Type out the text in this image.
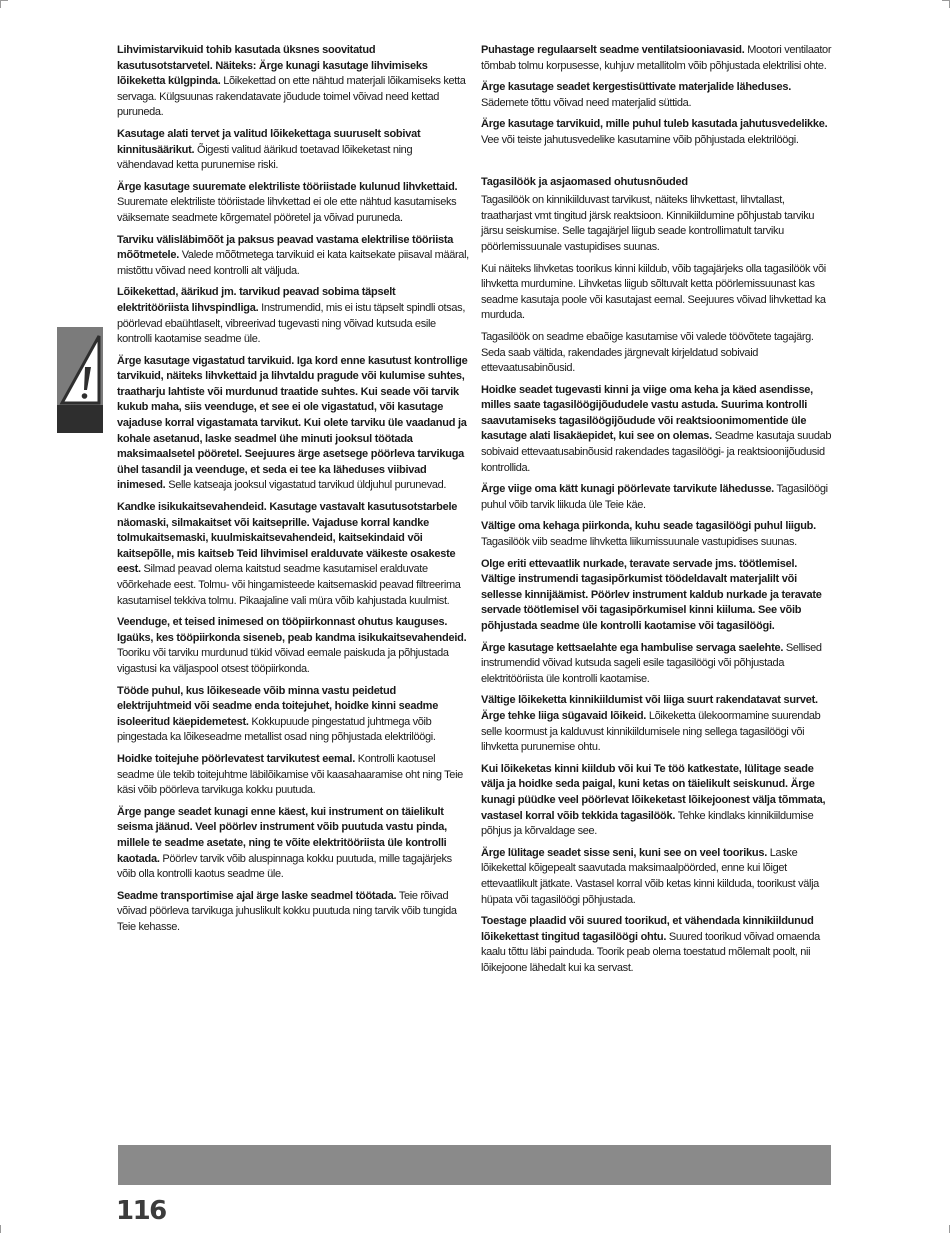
Lihvimistarvikuid tohib kasutada üksnes soovitatud kasutusotstarvetel. Näiteks: Ärge kunagi kasutage lihvimiseks lõikeketta külgpinda. Lõikekettad on ette nähtud materjali lõikamiseks ketta servaga. Külgsuunas rakendatavate jõudude toimel võivad need kettad puruneda.

Kasutage alati tervet ja valitud lõikekettaga suuruselt sobivat kinnitusäärikut. Õigesti valitud äärikud toetavad lõikeketast ning vähendavad ketta purunemise riski.

Ärge kasutage suuremate elektriliste tööriistade kulunud lihvkettaid. Suuremate elektriliste tööriistade lihvkettad ei ole ette nähtud kasutamiseks väiksemate seadmete kõrgematel pööretel ja võivad puruneda.

Tarviku välisläbimõõt ja paksus peavad vastama elektrilise tööriista mõõtmetele. Valede mõõtmetega tarvikuid ei kata kaitsekate piisaval määral, mistõttu võivad need kontrolli alt väljuda.

Lõikekettad, äärikud jm. tarvikud peavad sobima täpselt elektritööriista lihvspindliga. Instrumendid, mis ei istu täpselt spindli otsas, pöörlevad ebaühtlaselt, vibreerivad tugevasti ning võivad kutsuda esile kontrolli kaotamise seadme üle.

Ärge kasutage vigastatud tarvikuid. Iga kord enne kasutust kontrollige tarvikuid, näiteks lihvkettaid ja lihvtaldu pragude või kulumise suhtes, traatharju lahtiste või murdunud traatide suhtes. Kui seade või tarvik kukub maha, siis veenduge, et see ei ole vigastatud, või kasutage vajaduse korral vigastamata tarvikut. Kui olete tarviku üle vaadanud ja kohale asetanud, laske seadmel ühe minuti jooksul töötada maksimaalsetel pööretel. Seejuures ärge asetsege pöörleva tarvikuga ühel tasandil ja veenduge, et seda ei tee ka läheduses viibivad inimesed. Selle katseaja jooksul vigastatud tarvikud üldjuhul purunevad.

Kandke isikukaitsevahendeid. Kasutage vastavalt kasutusotstarbele näomaski, silmakaitset või kaitseprille. Vajaduse korral kandke tolmukaitsemaski, kuulmiskaitsevahendeid, kaitsekindaid või kaitsepõlle, mis kaitseb Teid lihvimisel eralduvate väikeste osakeste eest. Silmad peavad olema kaitstud seadme kasutamisel eralduvate võõrkehade eest. Tolmu- või hingamisteede kaitsemaskid peavad filtreerima kasutamisel tekkiva tolmu. Pikaajaline vali müra võib kahjustada kuulmist.

Veenduge, et teised inimesed on tööpiirkonnast ohutus kauguses. Igaüks, kes tööpiirkonda siseneb, peab kandma isikukaitsevahendeid. Tooriku või tarviku murdunud tükid võivad eemale paiskuda ja põhjustada vigastusi ka väljaspool otsest tööpiirkonda.

Tööde puhul, kus lõikeseade võib minna vastu peidetud elektrijuhtmeid või seadme enda toitejuhet, hoidke kinni seadme isoleeritud käepidemetest. Kokkupuude pingestatud juhtmega võib pingestada ka lõikeseadme metallist osad ning põhjustada elektrilöögi.

Hoidke toitejuhe pöörlevatest tarvikutest eemal. Kontrolli kaotusel seadme üle tekib toitejuhtme läbilõikamise või kaasahaaramise oht ning Teie käsi võib pöörleva tarvikuga kokku puutuda.

Ärge pange seadet kunagi enne käest, kui instrument on täielikult seisma jäänud. Veel pöörlev instrument võib puutuda vastu pinda, millele te seadme asetate, ning te võite elektritööriista üle kontrolli kaotada. Pöörlev tarvik võib aluspinnaga kokku puutuda, mille tagajärjeks võib olla kontrolli kaotus seadme üle.

Seadme transportimise ajal ärge laske seadmel töötada. Teie rõivad võivad pöörleva tarvikuga juhuslikult kokku puutuda ning tarvik võib tungida Teie kehasse.

Puhastage regulaarselt seadme ventilatsiooniavasid. Mootori ventilaator tõmbab tolmu korpusesse, kuhjuv metallitolm võib põhjustada elektrilisi ohte.

Ärge kasutage seadet kergestisüttivate materjalide läheduses. Sädemete tõttu võivad need materjalid süttida.

Ärge kasutage tarvikuid, mille puhul tuleb kasutada jahutusvedelikke. Vee või teiste jahutusvedelike kasutamine võib põhjustada elektrilöögi.

Tagasilöök ja asjaomased ohutusnõuded

Tagasilöök on kinnikiilduvast tarvikust, näiteks lihvkettast, lihvtallast, traatharjast vmt tingitud järsk reaktsioon. Kinnikiildumine põhjustab tarviku järsu seiskumise. Selle tagajärjel liigub seade kontrollimatult tarviku pöörlemissuunale vastupidises suunas.

Kui näiteks lihvketas toorikus kinni kiildub, võib tagajärjeks olla tagasilöök või lihvketta murdumine. Lihvketas liigub sõltuvalt ketta pöörlemissuunast kas seadme kasutaja poole või kasutajast eemal. Seejuures võivad lihvkettad ka murduda.

Tagasilöök on seadme ebaõige kasutamise või valede töövõtete tagajärg. Seda saab vältida, rakendades järgnevalt kirjeldatud sobivaid ettevaatusabinõusid.

Hoidke seadet tugevasti kinni ja viige oma keha ja käed asendisse, milles saate tagasilöögijõududele vastu astuda. Suurima kontrolli saavutamiseks tagasilöögijõudude või reaktsioonimomentide üle kasutage alati lisakäepidet, kui see on olemas. Seadme kasutaja suudab sobivaid ettevaatusabinõusid rakendades tagasilöögi- ja reaktsioonijõudusid kontrollida.

Ärge viige oma kätt kunagi pöörlevate tarvikute lähedusse. Tagasilöögi puhul võib tarvik liikuda üle Teie käe.

Vältige oma kehaga piirkonda, kuhu seade tagasilöögi puhul liigub. Tagasilöök viib seadme lihvketta liikumissuunale vastupidises suunas.

Olge eriti ettevaatlik nurkade, teravate servade jms. töötlemisel. Vältige instrumendi tagasipõrkumist töödeldavalt materjalilt või sellesse kinnijäämist. Pöörlev instrument kaldub nurkade ja teravate servade töötlemisel või tagasipõrkumisel kinni kiiluma. See võib põhjustada seadme üle kontrolli kaotamise või tagasilöögi.

Ärge kasutage kettsaelahte ega hambulise servaga saelehte. Sellised instrumendid võivad kutsuda sageli esile tagasilöögi või põhjustada elektritööriista üle kontrolli kaotamise.

Vältige lõikeketta kinnikiildumist või liiga suurt rakendatavat survet. Ärge tehke liiga sügavaid lõikeid. Lõikeketta ülekoormamine suurendab selle koormust ja kalduvust kinnikiildumisele ning sellega tagasilöögi või lihvketta purunemise ohtu.

Kui lõikeketas kinni kiildub või kui Te töö katkestate, lülitage seade välja ja hoidke seda paigal, kuni ketas on täielikult seiskunud. Ärge kunagi püüdke veel pöörlevat lõikeketast lõikejoonest välja tõmmata, vastasel korral võib tekkida tagasilöök. Tehke kindlaks kinnikiildumise põhjus ja kõrvaldage see.

Ärge lülitage seadet sisse seni, kuni see on veel toorikus. Laske lõikekettal kõigepealt saavutada maksimaalpöörded, enne kui lõiget ettevaatlikult jätkate. Vastasel korral võib ketas kinni kiilduda, toorikust välja hüpata või tagasilöögi põhjustada.

Toestage plaadid või suured toorikud, et vähendada kinnikiildunud lõikekettast tingitud tagasilöögi ohtu. Suured toorikud võivad omaenda kaalu tõttu läbi painduda. Toorik peab olema toestatud mõlemalt poolt, nii lõikejoone lähedalt kui ka servast.

116
